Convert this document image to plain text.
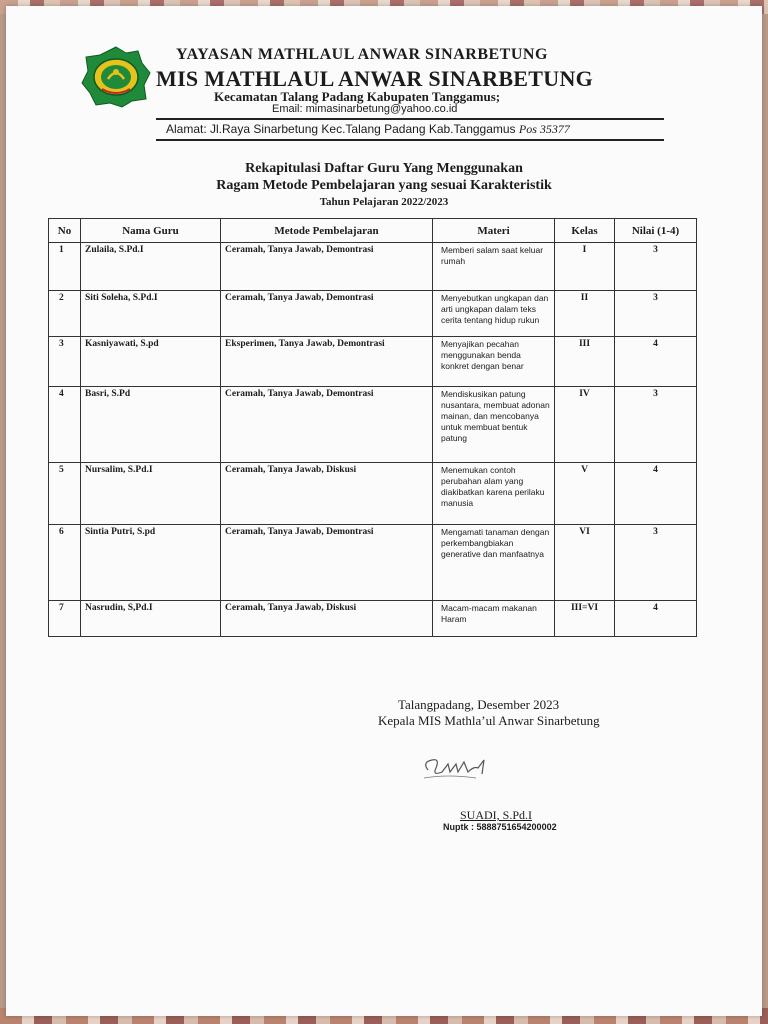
YAYASAN MATHLAUL ANWAR SINARBETUNG
MIS MATHLAUL ANWAR SINARBETUNG
Kecamatan Talang Padang Kabupaten Tanggamus;
Email: mimasinarbetung@yahoo.co.id
Alamat: Jl.Raya Sinarbetung Kec.Talang Padang Kab.Tanggamus Pos 35377
Rekapitulasi Daftar Guru Yang Menggunakan
Ragam Metode Pembelajaran yang sesuai Karakteristik
Tahun Pelajaran 2022/2023
No	Nama Guru	Metode Pembelajaran	Materi	Kelas	Nilai (1-4)
1	Zulaila, S.Pd.I	Ceramah, Tanya Jawab, Demontrasi	Memberi salam saat keluar rumah	I	3
2	Siti Soleha, S.Pd.I	Ceramah, Tanya Jawab, Demontrasi	Menyebutkan ungkapan dan arti ungkapan dalam teks cerita tentang hidup rukun	II	3
3	Kasniyawati, S.pd	Eksperimen, Tanya Jawab, Demontrasi	Menyajikan pecahan menggunakan benda konkret dengan benar	III	4
4	Basri, S.Pd	Ceramah, Tanya Jawab, Demontrasi	Mendiskusikan patung nusantara, membuat adonan mainan, dan mencobanya untuk membuat bentuk patung	IV	3
5	Nursalim, S.Pd.I	Ceramah, Tanya Jawab, Diskusi	Menemukan contoh perubahan alam yang diakibatkan karena perilaku manusia	V	4
6	Sintia Putri, S.pd	Ceramah, Tanya Jawab, Demontrasi	Mengamati tanaman dengan perkembangbiakan generative dan manfaatnya	VI	3
7	Nasrudin, S,Pd.I	Ceramah, Tanya Jawab, Diskusi	Macam-macam makanan Haram	III=VI	4
Talangpadang, Desember 2023
Kepala MIS Mathla’ul Anwar Sinarbetung
SUADI, S.Pd.I
Nuptk : 5888751654200002
